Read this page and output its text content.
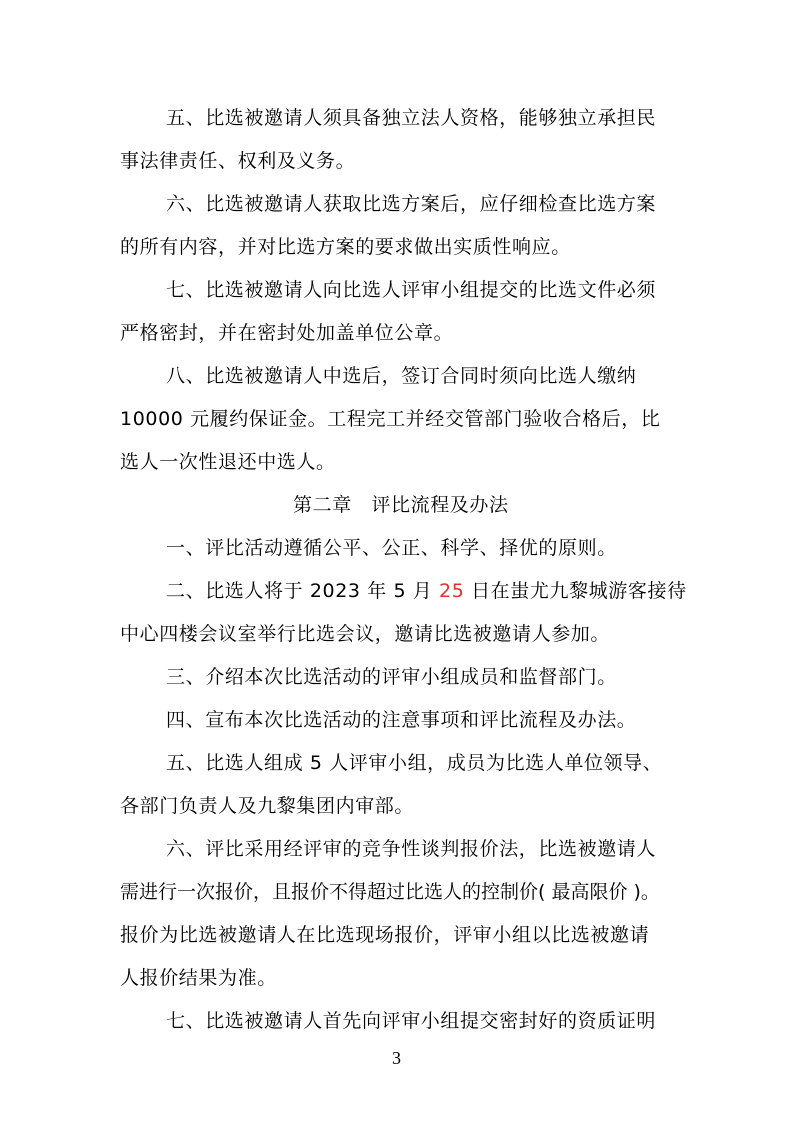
五、比选被邀请人须具备独立法人资格，能够独立承担民
事法律责任、权利及义务。
六、比选被邀请人获取比选方案后，应仔细检查比选方案
的所有内容，并对比选方案的要求做出实质性响应。
七、比选被邀请人向比选人评审小组提交的比选文件必须
严格密封，并在密封处加盖单位公章。
八、比选被邀请人中选后，签订合同时须向比选人缴纳
10000 元履约保证金。工程完工并经交管部门验收合格后，比
选人一次性退还中选人。
第二章　评比流程及办法
一、评比活动遵循公平、公正、科学、择优的原则。
二、比选人将于 2023 年 5 月 25 日在蚩尤九黎城游客接待
中心四楼会议室举行比选会议，邀请比选被邀请人参加。
三、介绍本次比选活动的评审小组成员和监督部门。
四、宣布本次比选活动的注意事项和评比流程及办法。
五、比选人组成 5 人评审小组，成员为比选人单位领导、
各部门负责人及九黎集团内审部。
六、评比采用经评审的竞争性谈判报价法，比选被邀请人
需进行一次报价，且报价不得超过比选人的控制价( 最高限价 )。
报价为比选被邀请人在比选现场报价，评审小组以比选被邀请
人报价结果为准。
七、比选被邀请人首先向评审小组提交密封好的资质证明
3
